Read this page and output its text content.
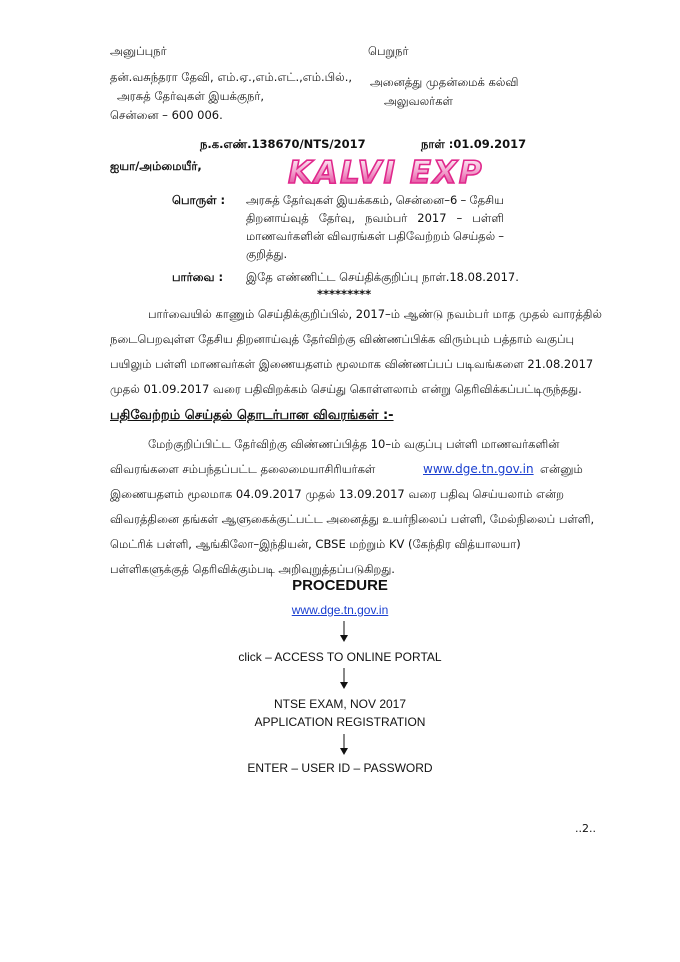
அனுப்புநர்
தன்.வசுந்தரா தேவி, எம்.ஏ.,எம்.எட்.,எம்.பில்.,
அரசுத் தேர்வுகள் இயக்குநர்,
சென்னை – 600 006.
பெறுநர்
அனைத்து முதன்மைக் கல்வி
அலுவலர்கள்
ந.க.எண்.138670/NTS/2017	நாள் :01.09.2017
ஐயா/அம்மையீர்,	KALVI EXP
பொருள் : அரசுத் தேர்வுகள் இயக்ககம், சென்னை–6 – தேசிய
திறனாய்வுத் தேர்வு, நவம்பர் 2017 – பள்ளி
மாணவர்களின் விவரங்கள் பதிவேற்றம் செய்தல் –
குறித்து.
பார்வை : இதே எண்ணிட்ட செய்திக்குறிப்பு நாள்.18.08.2017.
*********
பார்வையில் காணும் செய்திக்குறிப்பில், 2017–ம் ஆண்டு நவம்பர் மாத முதல் வாரத்தில்
நடைபெறவுள்ள தேசிய திறனாய்வுத் தேர்விற்கு விண்ணப்பிக்க விரும்பும் பத்தாம் வகுப்பு
பயிலும் பள்ளி மாணவர்கள் இணையதளம் மூலமாக விண்ணப்பப் படிவங்களை 21.08.2017
முதல் 01.09.2017 வரை பதிவிறக்கம் செய்து கொள்ளலாம் என்று தெரிவிக்கப்பட்டிருந்தது.
பதிவேற்றம் செய்தல் தொடர்பான விவரங்கள் :-
மேற்குறிப்பிட்ட தேர்விற்கு விண்ணப்பித்த 10–ம் வகுப்பு பள்ளி மாணவர்களின்
விவரங்களை சம்பந்தப்பட்ட தலைமையாசிரியர்கள்	www.dge.tn.gov.in என்னும்
இணையதளம் மூலமாக 04.09.2017 முதல் 13.09.2017 வரை பதிவு செய்யலாம் என்ற
விவரத்தினை தங்கள் ஆளுகைக்குட்பட்ட அனைத்து உயர்நிலைப் பள்ளி, மேல்நிலைப் பள்ளி,
மெட்ரிக் பள்ளி, ஆங்கிலோ–இந்தியன், CBSE மற்றும் KV (கேந்திர வித்யாலயா)
பள்ளிகளுக்குத் தெரிவிக்கும்படி அறிவுறுத்தப்படுகிறது.
PROCEDURE
www.dge.tn.gov.in
click – ACCESS TO ONLINE PORTAL
NTSE EXAM, NOV 2017
APPLICATION REGISTRATION
ENTER – USER ID – PASSWORD
..2..
